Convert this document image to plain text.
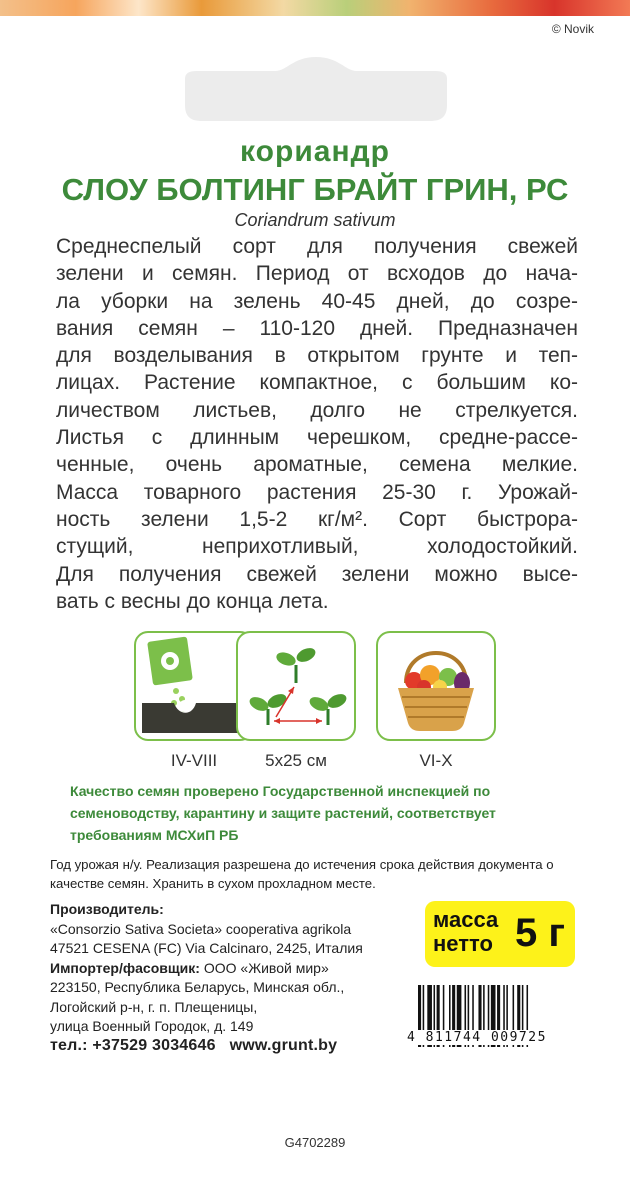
© Novik
кориандр
СЛОУ БОЛТИНГ БРАЙТ ГРИН, РС
Coriandrum sativum
Среднеспелый сорт для получения свежей
зелени и семян. Период от всходов до нача-
ла уборки на зелень 40-45 дней, до созре-
вания семян – 110-120 дней. Предназначен
для возделывания в открытом грунте и теп-
лицах. Растение компактное, с большим ко-
личеством листьев, долго не стрелкуется.
Листья с длинным черешком, средне-рассе-
ченные, очень ароматные, семена мелкие.
Масса товарного растения 25-30 г. Урожай-
ность зелени 1,5-2 кг/м². Сорт быстрора-
стущий, неприхотливый, холодостойкий.
Для получения свежей зелени можно высе-
вать с весны до конца лета.
IV-VIII	5x25 см	VI-X
Качество семян проверено Государственной инспекцией по семеноводству, карантину и защите растений, соответствует требованиям МСХиП РБ
Год урожая н/у. Реализация разрешена до истечения срока действия документа о качестве семян. Хранить в сухом прохладном месте.
Производитель:
«Consorzio Sativa Societa» cooperativa agrikola
47521 CESENA (FC) Via Calcinaro, 2425, Италия
Импортер/фасовщик: ООО «Живой мир»
223150, Республика Беларусь, Минская обл.,
Логойский р-н, г. п. Плещеницы,
улица Военный Городок, д. 149
тел.: +37529 3034646 www.grunt.by
масса
нетто 5 г
4 811744 009725
G4702289
